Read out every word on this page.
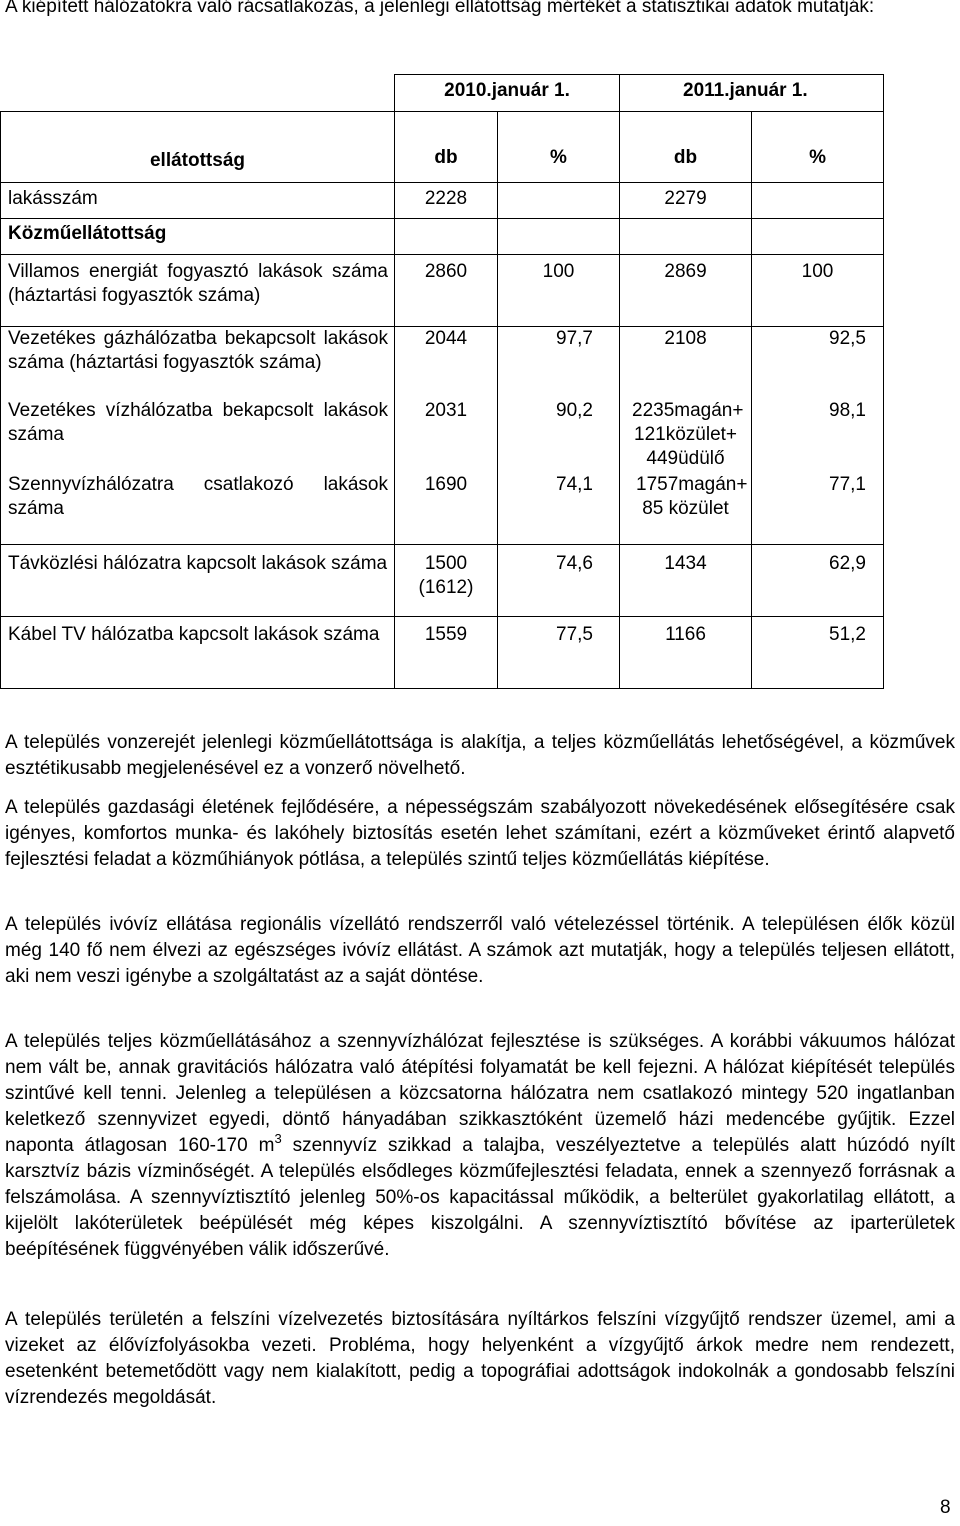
A kiépített hálózatokra való rácsatlakozás, a jelenlegi ellátottság mértékét a statisztikai adatok mutatják:
	2010.január 1.		2011.január 1.	
ellátottság	db	%	db	%
lakásszám	2228		2279	
Közműellátottság				
Villamos energiát fogyasztó lakások száma (háztartási fogyasztók száma)	2860	100	2869	100
Vezetékes gázhálózatba bekapcsolt lakások száma (háztartási fogyasztók száma)	2044	97,7	2108	92,5
Vezetékes vízhálózatba bekapcsolt lakások száma	2031	90,2	2235magán+ 121közület+ 449üdülő	98,1
Szennyvízhálózatra csatlakozó lakások száma	1690	74,1	1757magán+ 85 közület	77,1
Távközlési hálózatra kapcsolt lakások száma	1500 (1612)	74,6	1434	62,9
Kábel TV hálózatba kapcsolt lakások száma	1559	77,5	1166	51,2
A település vonzerejét jelenlegi közműellátottsága is alakítja, a teljes közműellátás lehetőségével, a közművek esztétikusabb megjelenésével ez a vonzerő növelhető.
A település gazdasági életének fejlődésére, a népességszám szabályozott növekedésének elősegítésére csak igényes, komfortos munka- és lakóhely biztosítás esetén lehet számítani, ezért a közműveket érintő alapvető fejlesztési feladat a közműhiányok pótlása, a település szintű teljes közműellátás kiépítése.
A település ivóvíz ellátása regionális vízellátó rendszerről való vételezéssel történik. A településen élők közül még 140 fő nem élvezi az egészséges ivóvíz ellátást. A számok azt mutatják, hogy a település teljesen ellátott, aki nem veszi igénybe a szolgáltatást az a saját döntése.
A település teljes közműellátásához a szennyvízhálózat fejlesztése is szükséges. A korábbi vákuumos hálózat nem vált be, annak gravitációs hálózatra való átépítési folyamatát be kell fejezni. A hálózat kiépítését település szintűvé kell tenni. Jelenleg a településen a közcsatorna hálózatra nem csatlakozó mintegy 520 ingatlanban keletkező szennyvizet egyedi, döntő hányadában szikkasztóként üzemelő házi medencébe gyűjtik. Ezzel naponta átlagosan 160-170 $m^3$ szennyvíz szikkad a talajba, veszélyeztetve a település alatt húzódó nyílt karsztvíz bázis vízminőségét. A település elsődleges közműfejlesztési feladata, ennek a szennyező forrásnak a felszámolása. A szennyvíztisztító jelenleg 50%-os kapacitással működik, a belterület gyakorlatilag ellátott, a kijelölt lakóterületek beépülését még képes kiszolgálni. A szennyvíztisztító bővítése az iparterületek beépítésének függvényében válik időszerűvé.
A település területén a felszíni vízelvezetés biztosítására nyíltárkos felszíni vízgyűjtő rendszer üzemel, ami a vizeket az élővízfolyásokba vezeti. Probléma, hogy helyenként a vízgyűjtő árkok medre nem rendezett, esetenként betemetődött vagy nem kialakított, pedig a topográfiai adottságok indokolnák a gondosabb felszíni vízrendezés megoldását.
8
